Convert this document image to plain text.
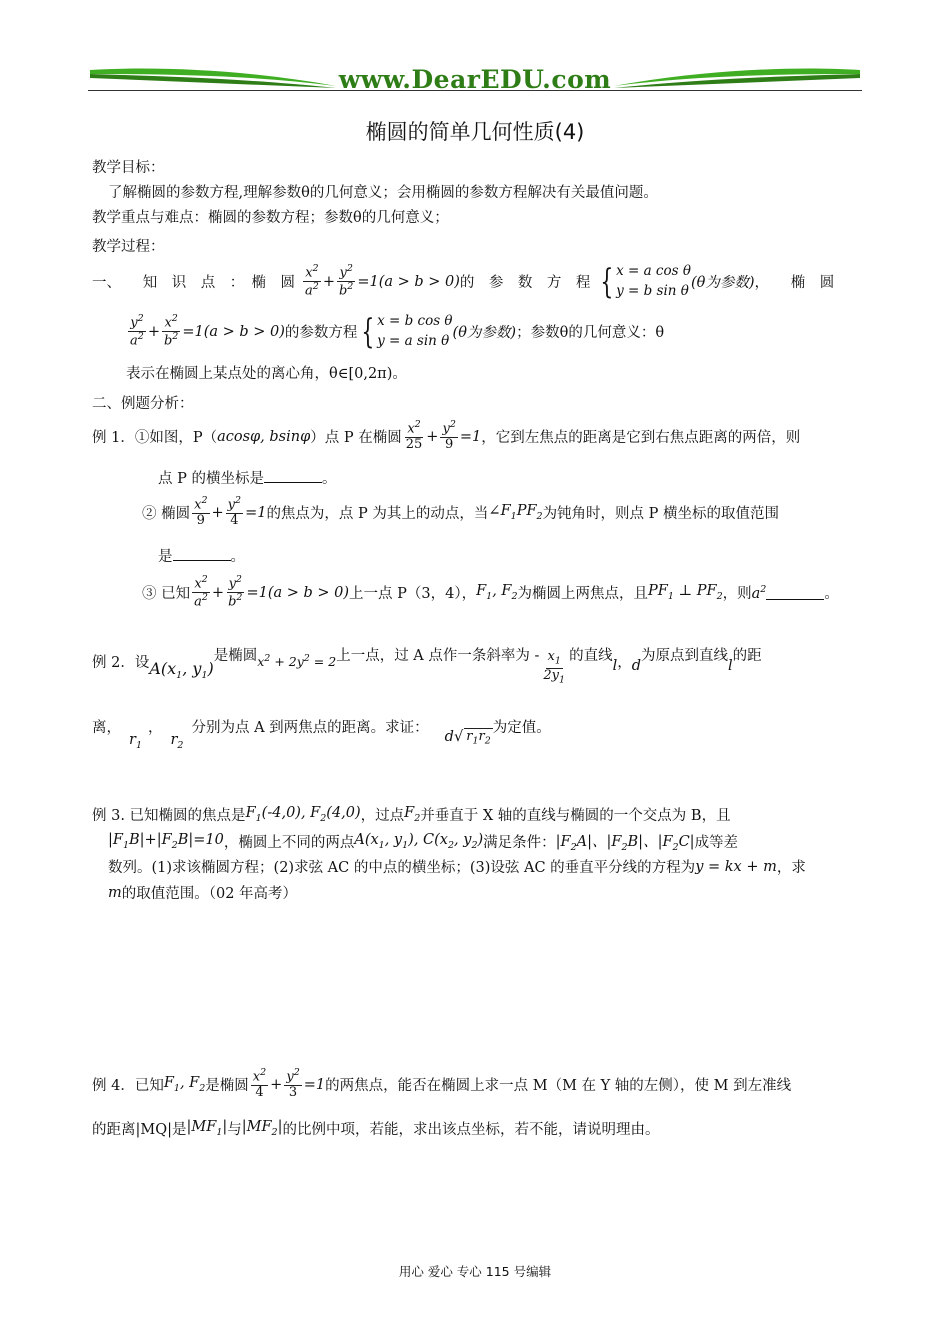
www.DearEDU.com
椭圆的简单几何性质(4)
教学目标：
了解椭圆的参数方程,理解参数θ的几何意义；会用椭圆的参数方程解决有关最值问题。
教学重点与难点：椭圆的参数方程；参数θ的几何意义；
教学过程：
一、　　知　识　点　：　椭　圆 $\frac{x^2}{a^2} + \frac{y^2}{b^2} =1(a > b > 0)$ 的　参　数　方　程 { x = a cos θ
y = b sin θ (θ为参数) ，　　椭　圆
$\frac{y^2}{a^2} + \frac{x^2}{b^2} =1(a > b > 0)$ 的参数方程 { x = b cos θ
y = a sin θ (θ为参数) ；参数θ的几何意义：θ
表示在椭圆上某点处的离心角，θ∈[0,2π)。
二、例题分析：
例 1．①如图，P（ acosφ, bsinφ ）点 P 在椭圆 $\frac{x^2}{25} + \frac{y^2}{9} =1$ ，它到左焦点的距离是它到右焦点距离的两倍，则
点 P 的横坐标是	。
② 椭圆 $\frac{x^2}{9} + \frac{y^2}{4} =1$ 的焦点为，点 P 为其上的动点，当 $\angle F_1PF_2$ 为钝角时，则点 P 横坐标的取值范围
是	。
③ 已知 $\frac{x^2}{a^2} + \frac{y^2}{b^2} =1(a > b > 0)$ 上一点 P（3，4）， $F_1$, $F_2$ 为椭圆上两焦点，且 $PF_1$ ⊥ $PF_2$ ，则 $a^2$	。
例 2．设 $A(x_1$, $y_1$)
是椭圆 $x^2 + 2y^2 = 2$ 上一点，过 A 点作一条斜率为 - $\frac{x_1}{2y_1}$ 的直线
l ， d
为原点到直线
l
的距
离，
$r_1$
，
$r_2$
分别为点 A 到两焦点的距离。求证：
d √ $r_1r_2$
为定值。
例 3. 已知椭圆的焦点是 $F_1(-4,0)$, $F_2(4,0)$ ，过点 $F_2$ 并垂直于 X 轴的直线与椭圆的一个交点为 B，且
$|F_1B|+|F_2B|=10$ ，椭圆上不同的两点 $A(x_1$, $y_1$), $C(x_2$, $y_2$) 满足条件： $|F_2A|$、$|F_2B|$、$|F_2C|$ 成等差
数列。(1)求该椭圆方程；(2)求弦 AC 的中点的横坐标；(3)设弦 AC 的垂直平分线的方程为 y = kx + m ，求
m 的取值范围。（02 年高考）
例 4．已知 $F_1$, $F_2$ 是椭圆 $\frac{x^2}{4} + \frac{y^2}{3} =1$ 的两焦点，能否在椭圆上求一点 M（M 在 Y 轴的左侧），使 M 到左准线
的距离|MQ|是 $|MF_1|$ 与 $|MF_2|$ 的比例中项，若能，求出该点坐标，若不能，请说明理由。
用心 爱心 专心 115 号编辑
